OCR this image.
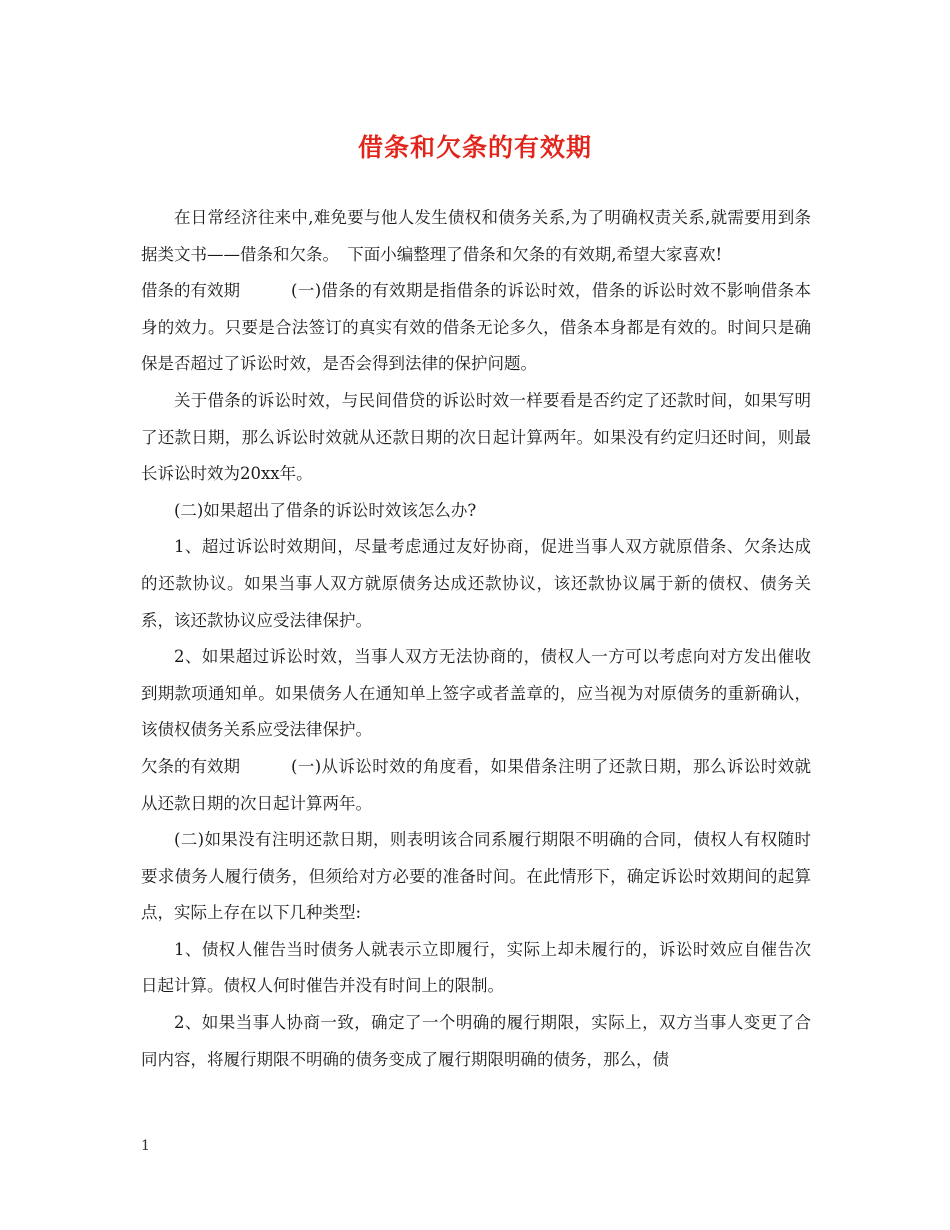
借条和欠条的有效期

在日常经济往来中,难免要与他人发生债权和债务关系,为了明确权责关系,就需要用到条据类文书——借条和欠条。　下面小编整理了借条和欠条的有效期,希望大家喜欢!

借条的有效期	(一)借条的有效期是指借条的诉讼时效，借条的诉讼时效不影响借条本身的效力。只要是合法签订的真实有效的借条无论多久，借条本身都是有效的。时间只是确保是否超过了诉讼时效，是否会得到法律的保护问题。

关于借条的诉讼时效，与民间借贷的诉讼时效一样要看是否约定了还款时间，如果写明了还款日期，那么诉讼时效就从还款日期的次日起计算两年。如果没有约定归还时间，则最长诉讼时效为20xx年。

(二)如果超出了借条的诉讼时效该怎么办?

1、超过诉讼时效期间，尽量考虑通过友好协商，促进当事人双方就原借条、欠条达成的还款协议。如果当事人双方就原债务达成还款协议，该还款协议属于新的债权、债务关系，该还款协议应受法律保护。

2、如果超过诉讼时效，当事人双方无法协商的，债权人一方可以考虑向对方发出催收到期款项通知单。如果债务人在通知单上签字或者盖章的，应当视为对原债务的重新确认，该债权债务关系应受法律保护。

欠条的有效期	(一)从诉讼时效的角度看，如果借条注明了还款日期，那么诉讼时效就从还款日期的次日起计算两年。

(二)如果没有注明还款日期，则表明该合同系履行期限不明确的合同，债权人有权随时要求债务人履行债务，但须给对方必要的准备时间。在此情形下，确定诉讼时效期间的起算点，实际上存在以下几种类型:

1、债权人催告当时债务人就表示立即履行，实际上却未履行的，诉讼时效应自催告次日起计算。债权人何时催告并没有时间上的限制。

2、如果当事人协商一致，确定了一个明确的履行期限，实际上，双方当事人变更了合同内容，将履行期限不明确的债务变成了履行期限明确的债务，那么，债

1
